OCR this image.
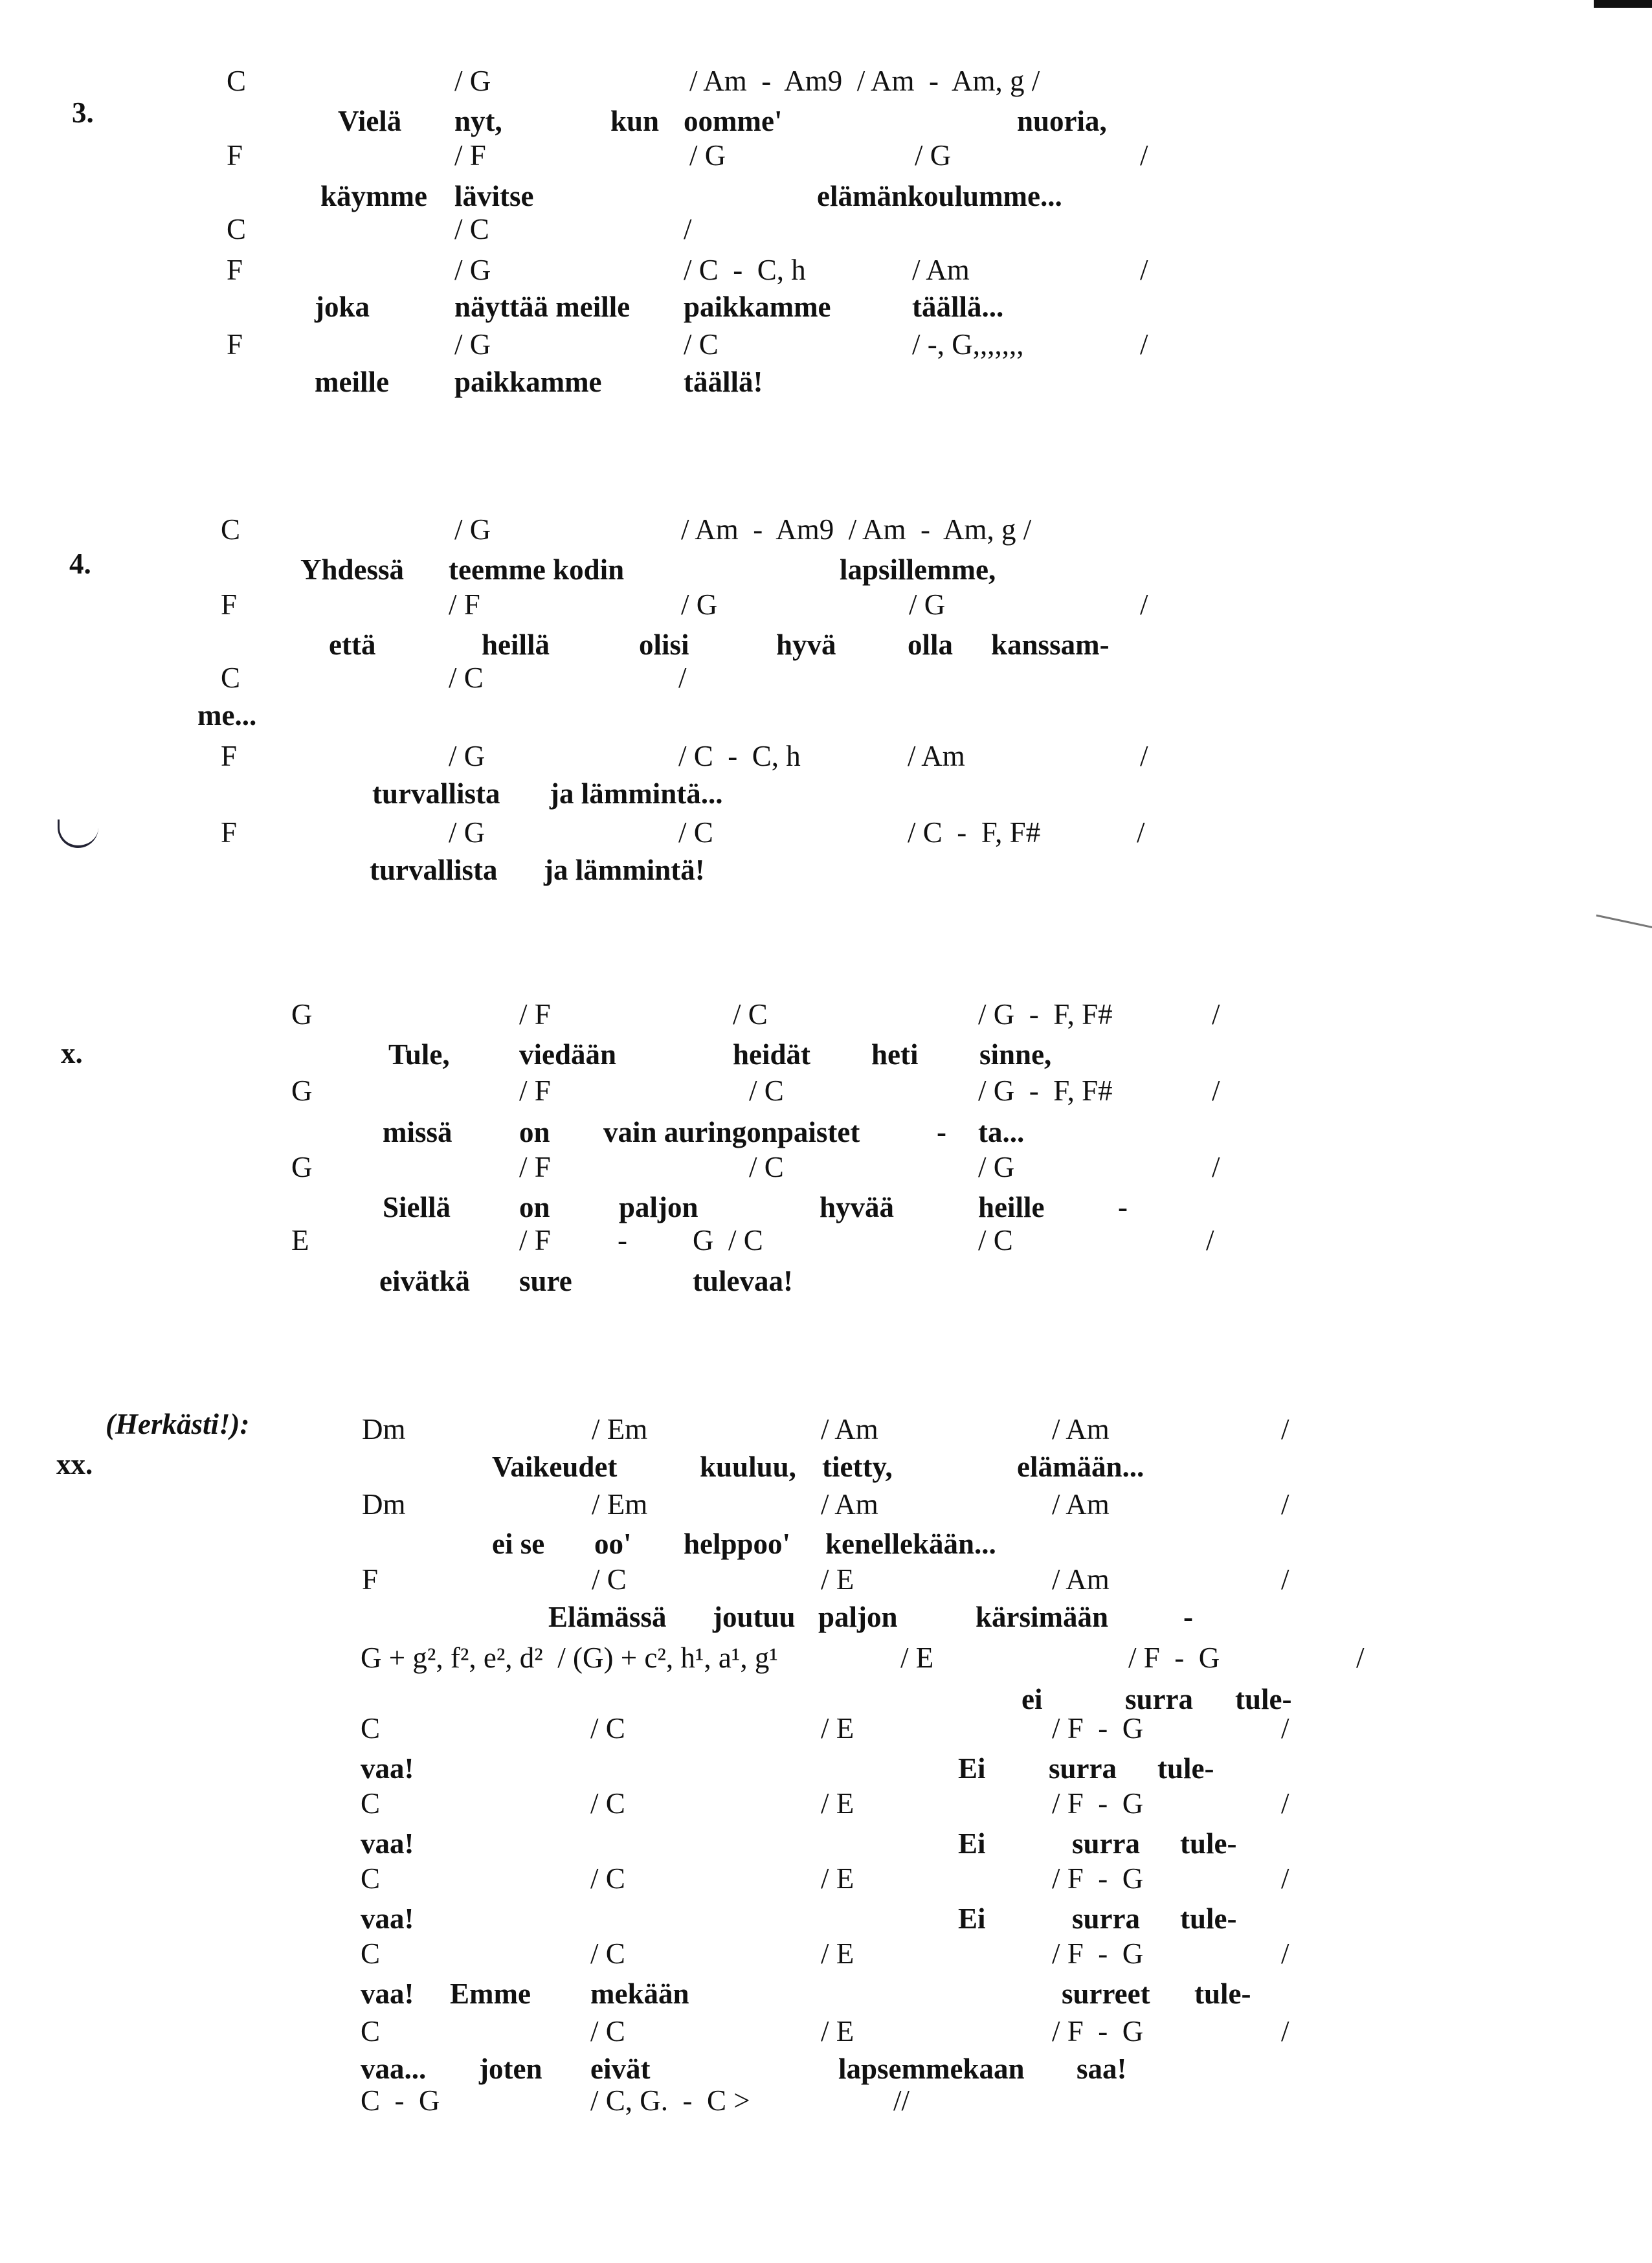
3.
C	/ G	/ Am  -  Am9  / Am  -  Am, g /
Vielä nyt,	kun oomme'	nuoria,
F	/ F	/ G	/ G	/
käymme lävitse	elämänkoulumme...
C	/ C	/
F	/ G	/ C  -  C, h	/ Am	/
joka	näyttää meille paikkamme	täällä...
F	/ G	/ C	/ -, G,,,,,,,	/
meille paikkamme	täällä!
4.
C	/ G	/ Am  -  Am9  / Am  -  Am, g /
Yhdessä teemme kodin	lapsillemme,
F	/ F	/ G	/ G	/
että	heillä	olisi	hyvä olla kanssam-
C	/ C	/
me...
F	/ G	/ C  -  C, h	/ Am	/
turvallista ja lämmintä...
F	/ G	/ C	/ C  -  F, F#	/
turvallista ja lämmintä!
x.
G	/ F	/ C	/ G  -  F, F#	/
Tule, viedään	heidät heti sinne,
G	/ F	/ C	/ G  -  F, F#	/
missä on vain auringonpaistet	- ta...
G	/ F	/ C	/ G	/
Siellä on paljon	hyvää	heille	-
E	/ F - G  / C	/ C	/
eivätkä sure	tulevaa!
xx.
(Herkästi!):	Dm	/ Em	/ Am	/ Am	/
Vaikeudet	kuuluu, tietty,	elämään...
Dm	/ Em	/ Am	/ Am	/
ei se oo' helppoo' kenellekään...
F	/ C	/ E	/ Am	/
Elämässä joutuu paljon	kärsimään	-
G + g², f², e², d²  / (G) + c², h¹, a¹, g¹	/ E	/ F  -  G	/
ei	surra tule-
C	/ C	/ E	/ F  -  G	/
vaa!	Ei surra tule-
C	/ C	/ E	/ F  -  G	/
vaa!	Ei	surra tule-
C	/ C	/ E	/ F  -  G	/
vaa!	Ei	surra tule-
C	/ C	/ E	/ F  -  G	/
vaa! Emme mekään	surreet tule-
C	/ C	/ E	/ F  -  G	/
vaa... joten eivät	lapsemmekaan saa!
C  -  G	/ C, G.  -  C >	//
